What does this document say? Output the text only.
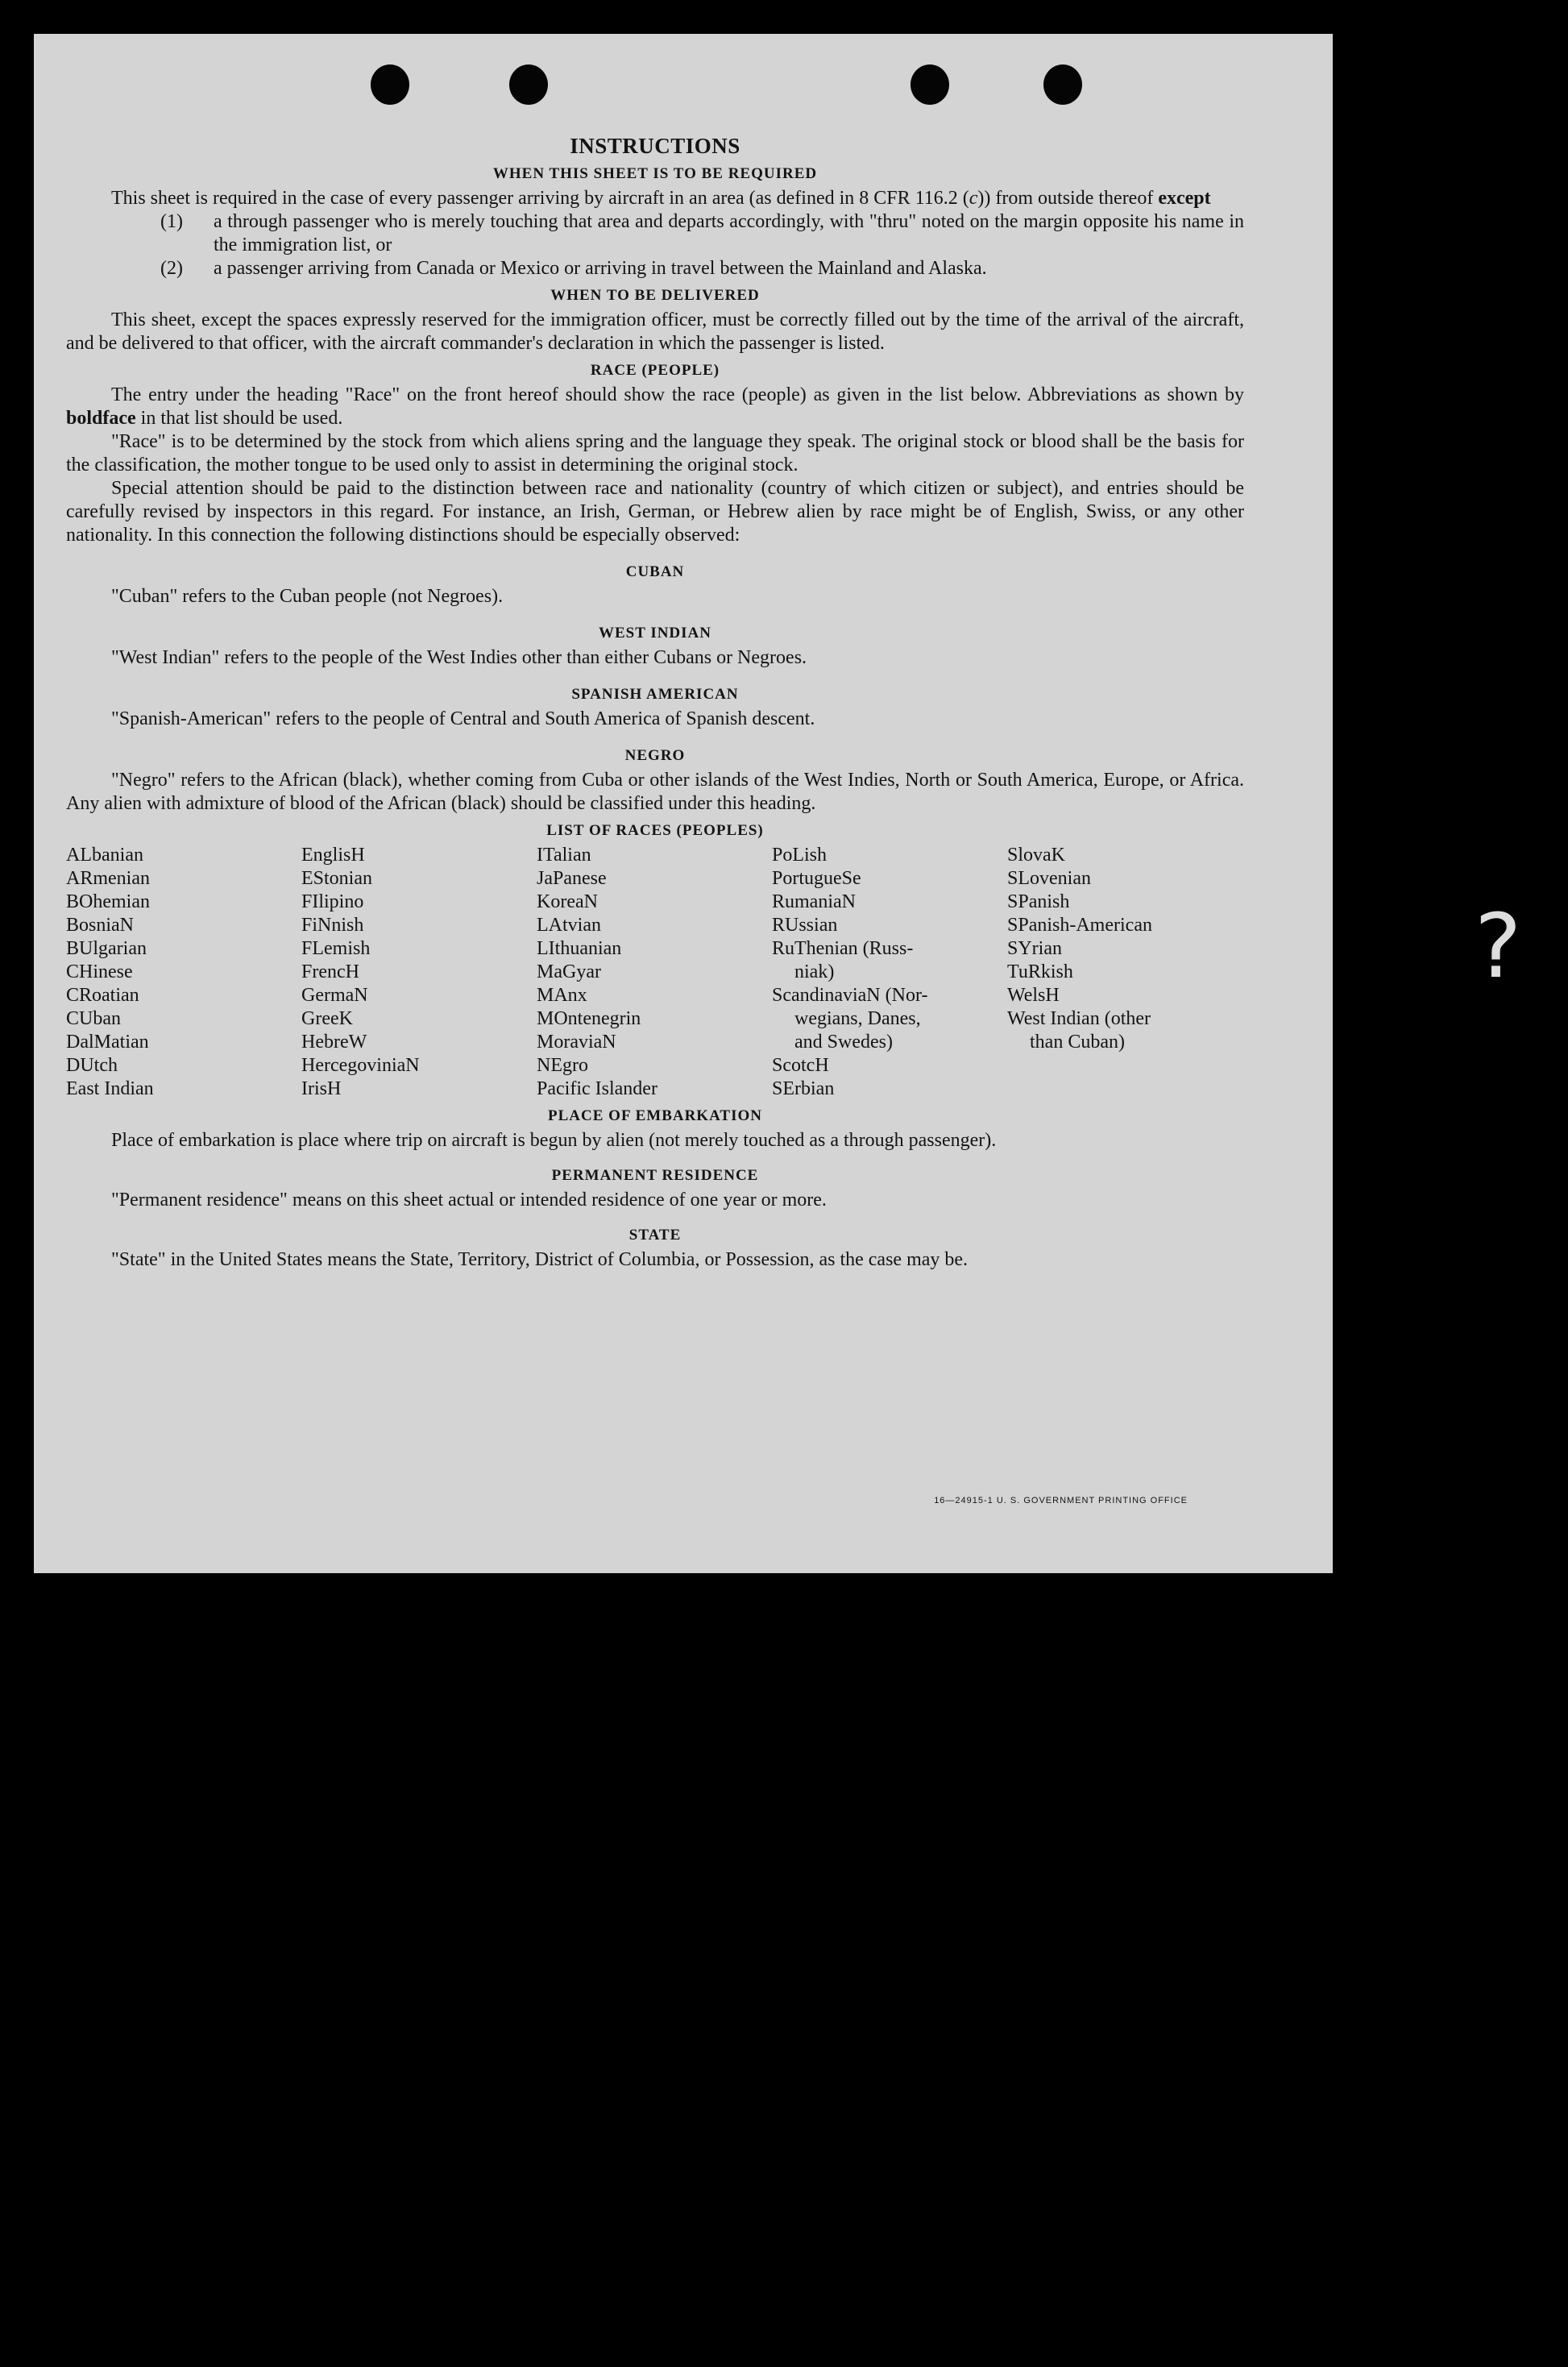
INSTRUCTIONS
WHEN THIS SHEET IS TO BE REQUIRED

This sheet is required in the case of every passenger arriving by aircraft in an area (as defined in 8 CFR 116.2 (c)) from outside thereof except

(1)	a through passenger who is merely touching that area and departs accordingly, with "thru" noted on the margin opposite his name in the immigration list, or
(2)	a passenger arriving from Canada or Mexico or arriving in travel between the Mainland and Alaska.
WHEN TO BE DELIVERED

This sheet, except the spaces expressly reserved for the immigration officer, must be correctly filled out by the time of the arrival of the aircraft, and be delivered to that officer, with the aircraft commander's declaration in which the passenger is listed.

RACE (PEOPLE)

The entry under the heading "Race" on the front hereof should show the race (people) as given in the list below. Abbreviations as shown by boldface in that list should be used.

"Race" is to be determined by the stock from which aliens spring and the language they speak. The original stock or blood shall be the basis for the classification, the mother tongue to be used only to assist in determining the original stock.

Special attention should be paid to the distinction between race and nationality (country of which citizen or subject), and entries should be carefully revised by inspectors in this regard. For instance, an Irish, German, or Hebrew alien by race might be of English, Swiss, or any other nationality. In this connection the following distinctions should be especially observed:

CUBAN

"Cuban" refers to the Cuban people (not Negroes).

WEST INDIAN

"West Indian" refers to the people of the West Indies other than either Cubans or Negroes.

SPANISH AMERICAN

"Spanish-American" refers to the people of Central and South America of Spanish descent.

NEGRO

"Negro" refers to the African (black), whether coming from Cuba or other islands of the West Indies, North or South America, Europe, or Africa. Any alien with admixture of blood of the African (black) should be classified under this heading.

LIST OF RACES (PEOPLES)
ALbanian
ARmenian
BOhemian
BosniaN
BUlgarian
CHinese
CRoatian
CUban
DalMatian
DUtch
East Indian
EnglisH
EStonian
FIlipino
FiNnish
FLemish
FrencH
GermaN
GreeK
HebreW
HercegoviniaN
IrisH
ITalian
JaPanese
KoreaN
LAtvian
LIthuanian
MaGyar
MAnx
MOntenegrin
MoraviaN
NEgro
Pacific Islander
PoLish
PortugueSe
RumaniaN
RUssian
RuThenian (Russ-
niak)
ScandinaviaN (Nor-
wegians, Danes,
and Swedes)
ScotcH
SErbian
SlovaK
SLovenian
SPanish
SPanish-American
SYrian
TuRkish
WelsH
West Indian (other
than Cuban)
PLACE OF EMBARKATION

Place of embarkation is place where trip on aircraft is begun by alien (not merely touched as a through passenger).

PERMANENT RESIDENCE

"Permanent residence" means on this sheet actual or intended residence of one year or more.

STATE

"State" in the United States means the State, Territory, District of Columbia, or Possession, as the case may be.

16—24915-1 U. S. GOVERNMENT PRINTING OFFICE
?
